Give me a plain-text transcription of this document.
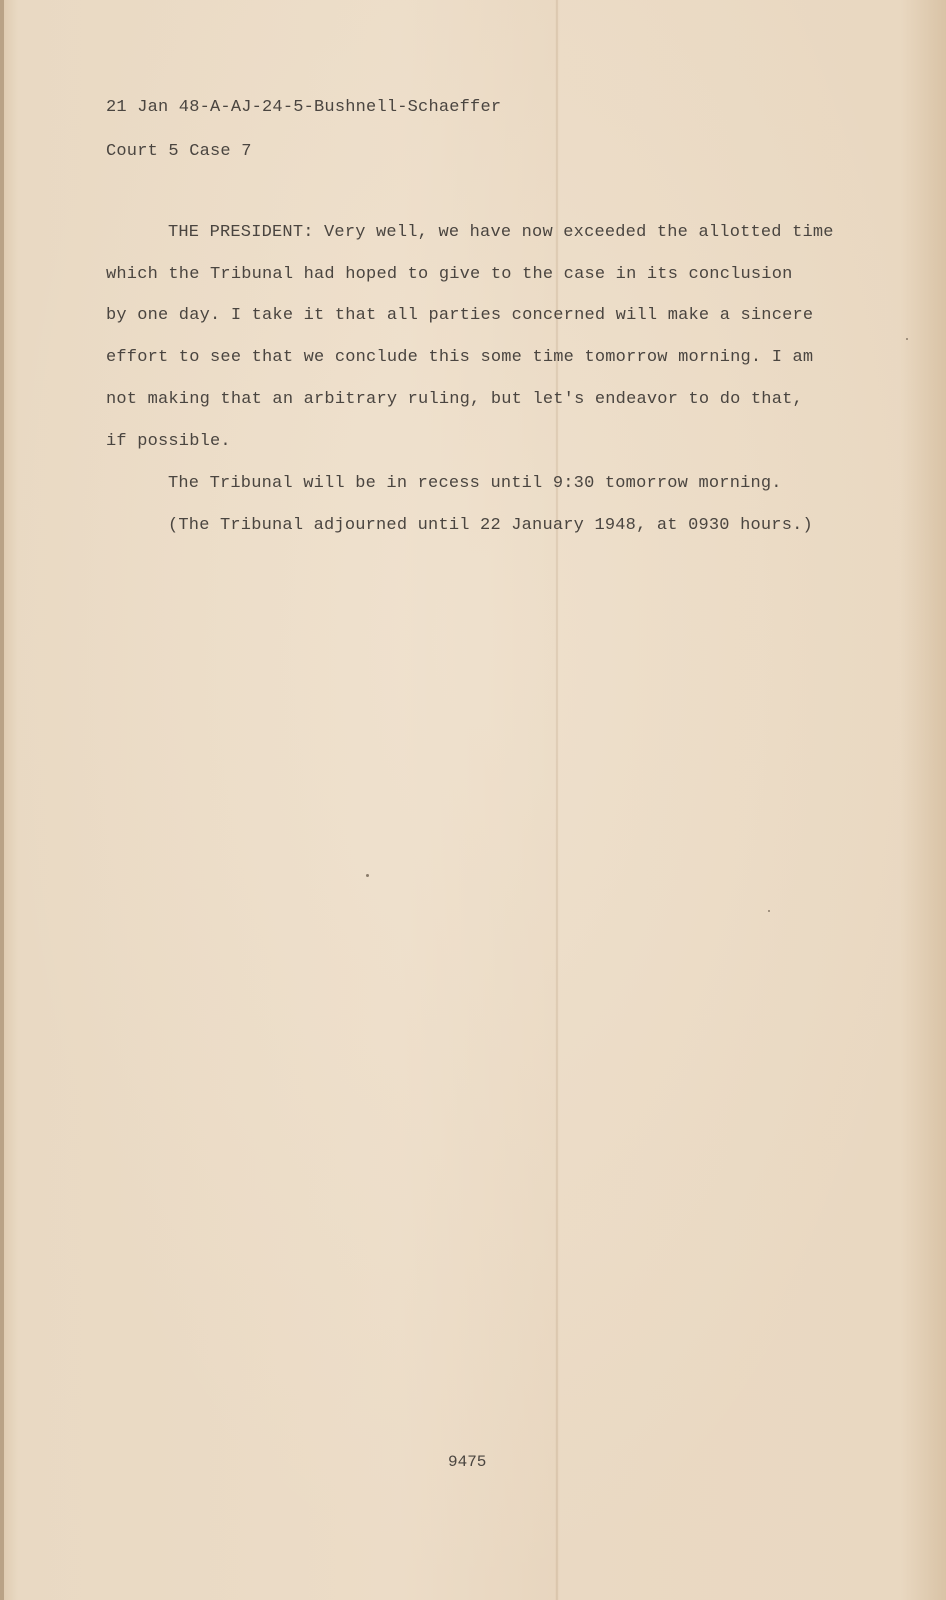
21 Jan 48-A-AJ-24-5-Bushnell-Schaeffer
Court 5 Case 7
THE PRESIDENT: Very well, we have now exceeded the allotted time
which the Tribunal had hoped to give to the case in its conclusion
by one day. I take it that all parties concerned will make a sincere
effort to see that we conclude this some time tomorrow morning. I am
not making that an arbitrary ruling, but let's endeavor to do that,
if possible.
The Tribunal will be in recess until 9:30 tomorrow morning.
(The Tribunal adjourned until 22 January 1948, at 0930 hours.)
9475
